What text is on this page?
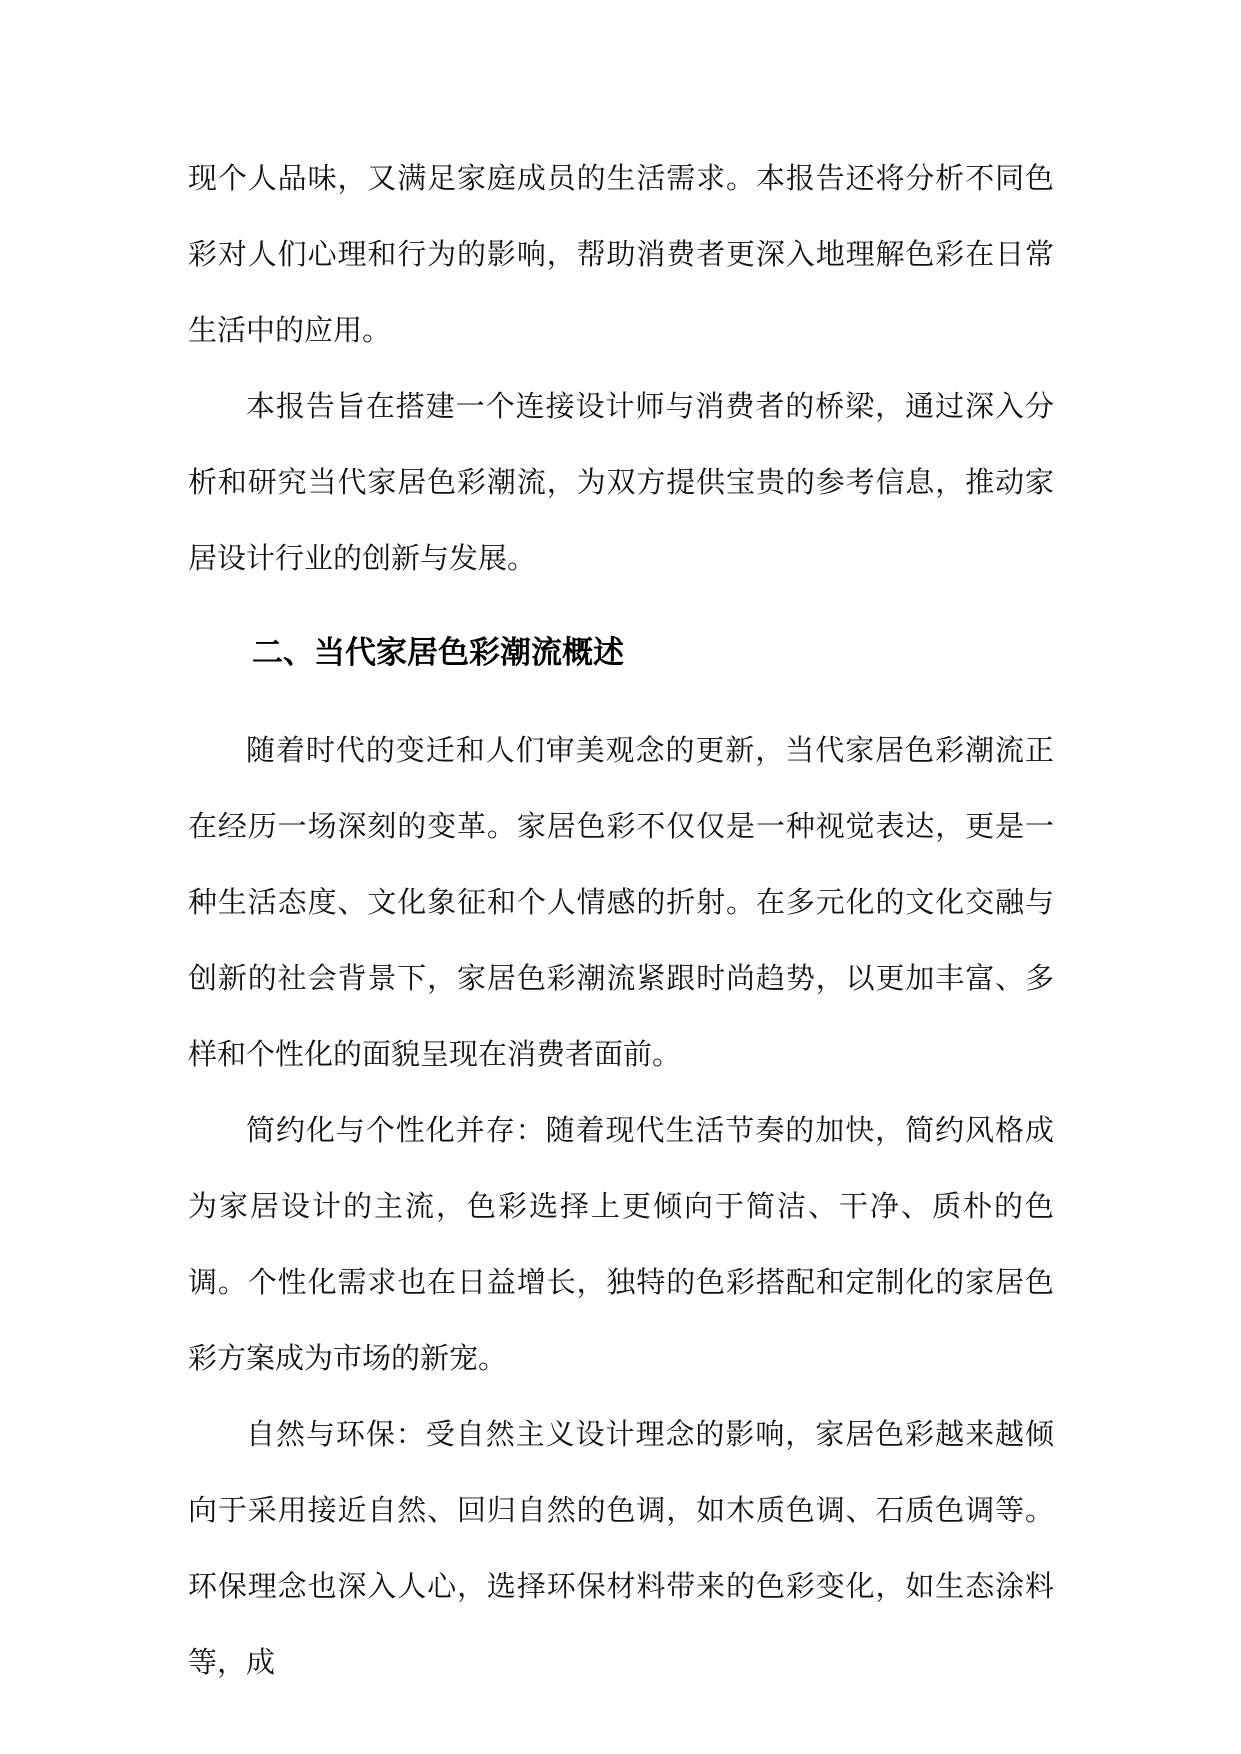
现个人品味，又满足家庭成员的生活需求。本报告还将分析不同色彩对人们心理和行为的影响，帮助消费者更深入地理解色彩在日常生活中的应用。

本报告旨在搭建一个连接设计师与消费者的桥梁，通过深入分析和研究当代家居色彩潮流，为双方提供宝贵的参考信息，推动家居设计行业的创新与发展。

二、当代家居色彩潮流概述

随着时代的变迁和人们审美观念的更新，当代家居色彩潮流正在经历一场深刻的变革。家居色彩不仅仅是一种视觉表达，更是一种生活态度、文化象征和个人情感的折射。在多元化的文化交融与创新的社会背景下，家居色彩潮流紧跟时尚趋势，以更加丰富、多样和个性化的面貌呈现在消费者面前。

简约化与个性化并存：随着现代生活节奏的加快，简约风格成为家居设计的主流，色彩选择上更倾向于简洁、干净、质朴的色调。个性化需求也在日益增长，独特的色彩搭配和定制化的家居色彩方案成为市场的新宠。

自然与环保：受自然主义设计理念的影响，家居色彩越来越倾向于采用接近自然、回归自然的色调，如木质色调、石质色调等。环保理念也深入人心，选择环保材料带来的色彩变化，如生态涂料等，成
